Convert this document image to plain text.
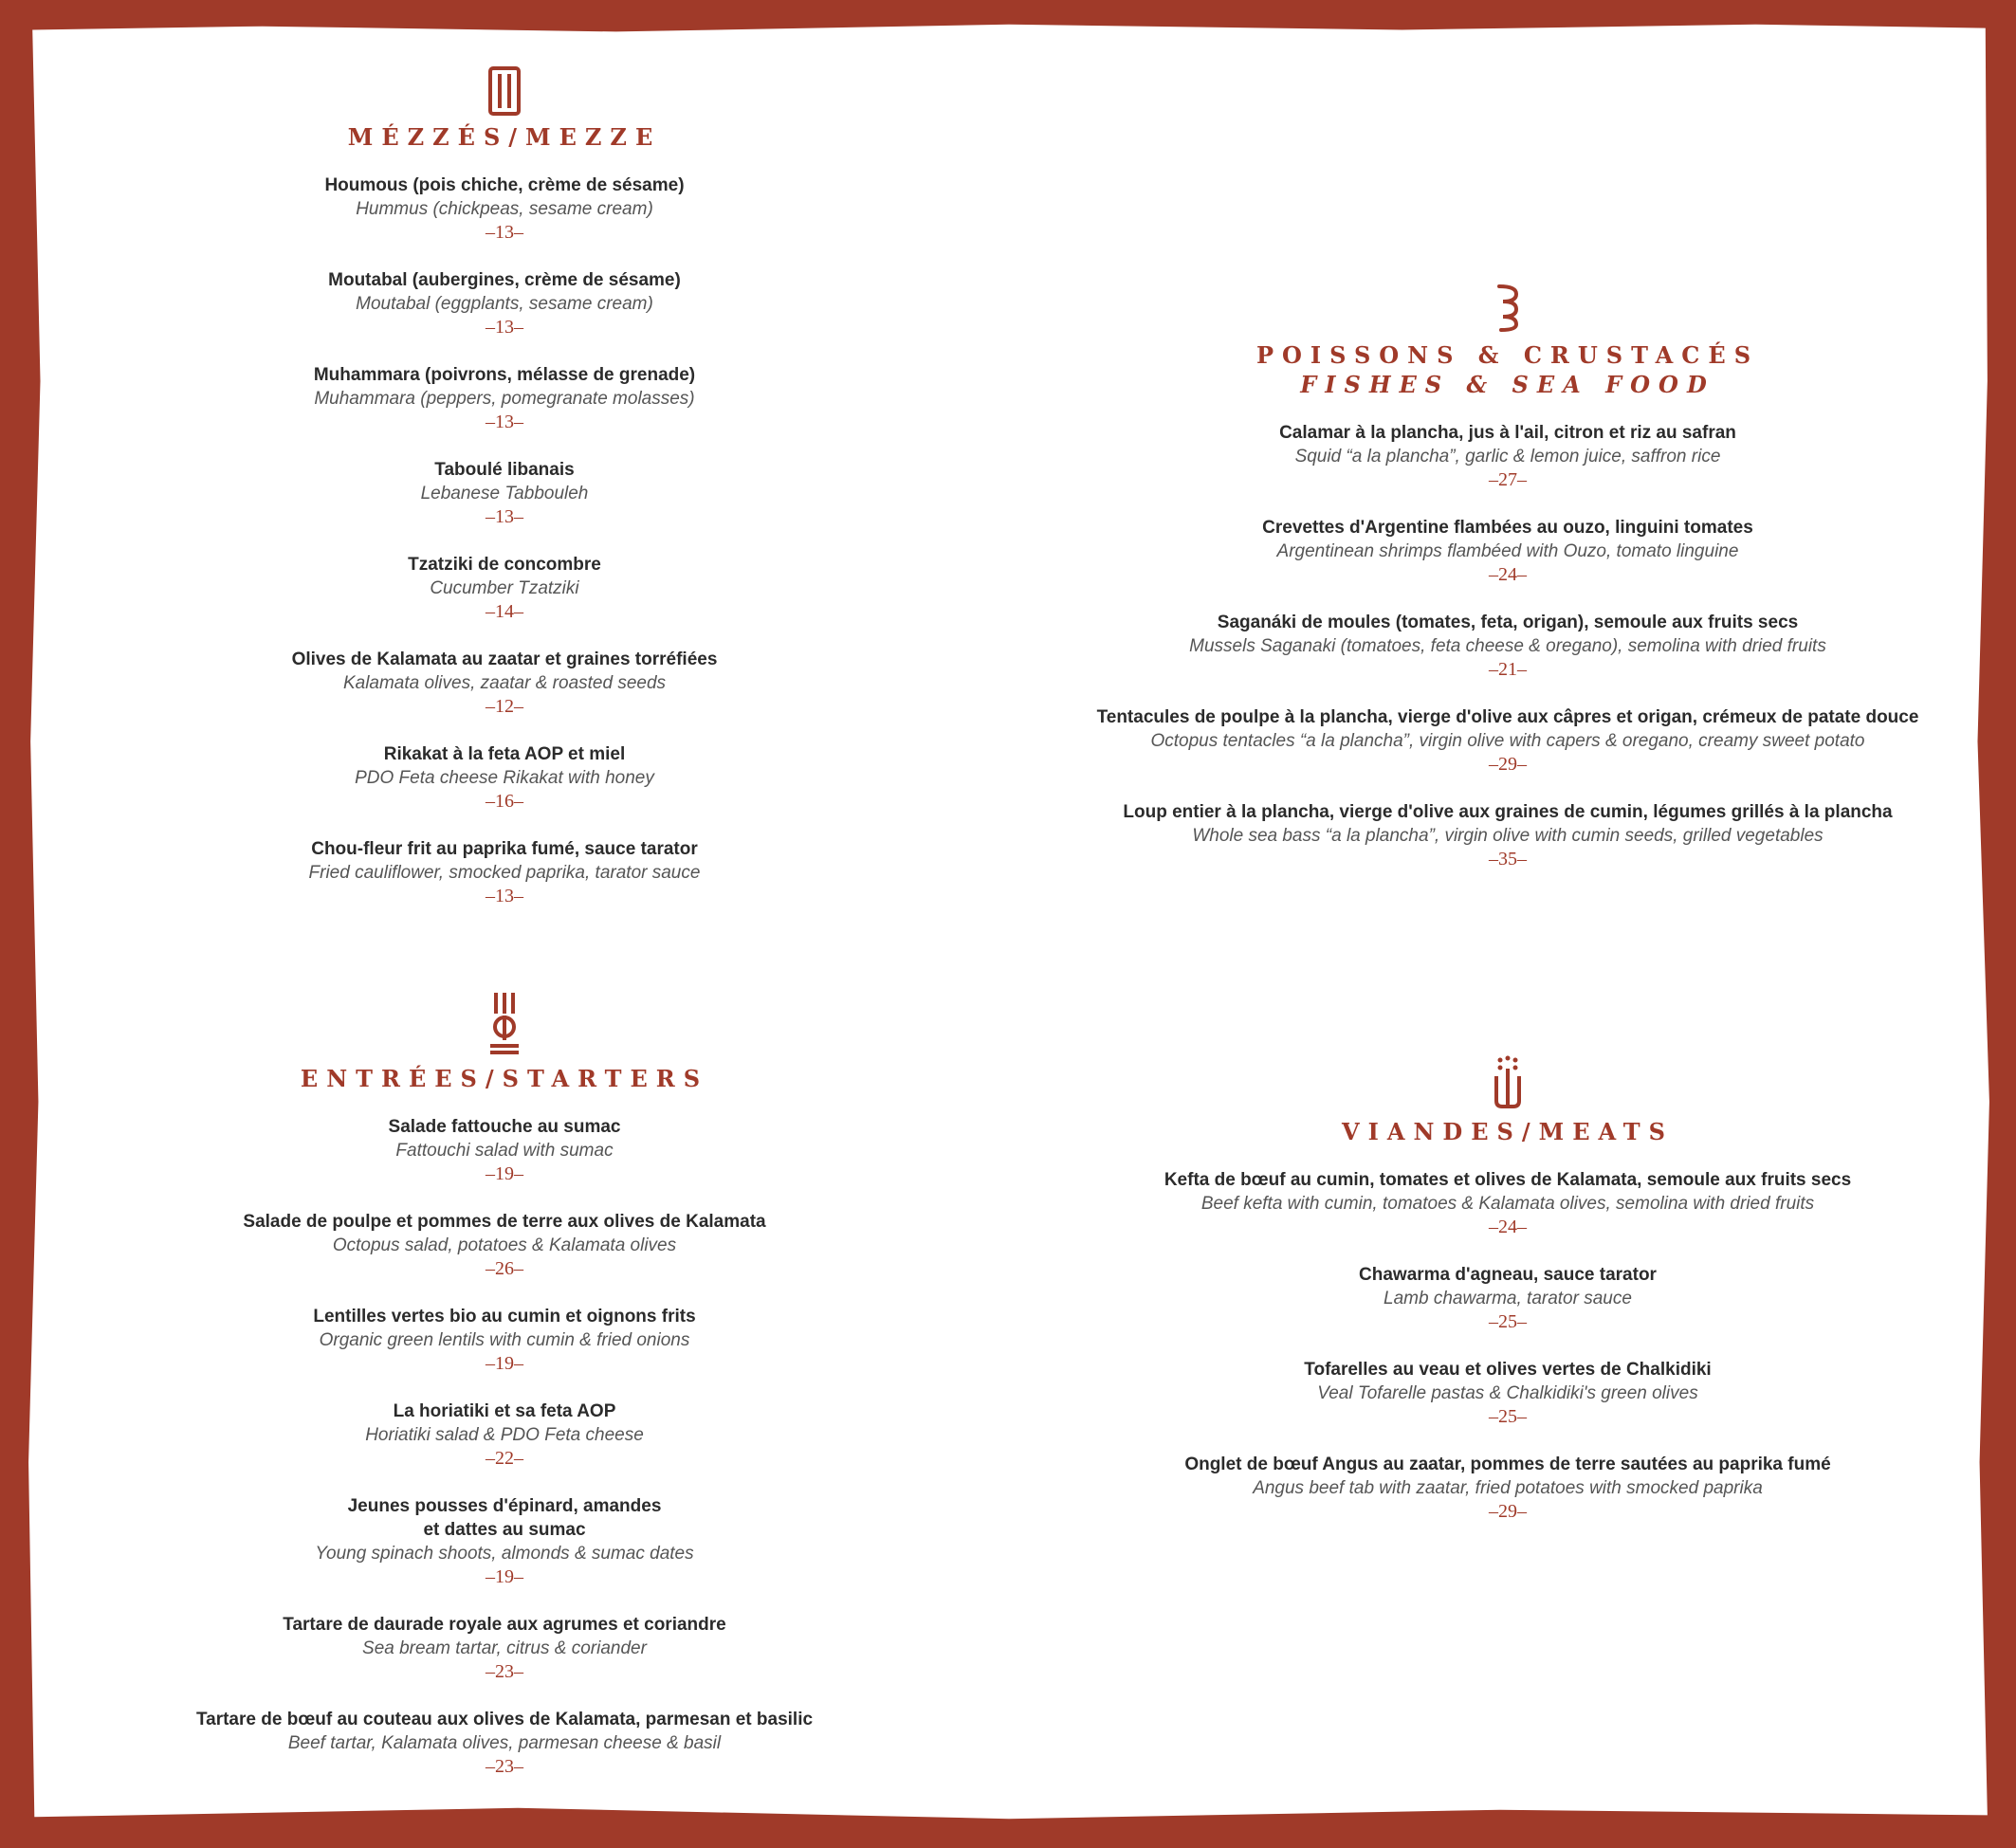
MÉZZÉS/MEZZE
Houmous (pois chiche, crème de sésame)
Hummus (chickpeas, sesame cream)
–13–
Moutabal (aubergines, crème de sésame)
Moutabal (eggplants, sesame cream)
–13–
Muhammara (poivrons, mélasse de grenade)
Muhammara (peppers, pomegranate molasses)
–13–
Taboulé libanais
Lebanese Tabbouleh
–13–
Tzatziki de concombre
Cucumber Tzatziki
–14–
Olives de Kalamata au zaatar et graines torréfiées
Kalamata olives, zaatar & roasted seeds
–12–
Rikakat à la feta AOP et miel
PDO Feta cheese Rikakat with honey
–16–
Chou-fleur frit au paprika fumé, sauce tarator
Fried cauliflower, smocked paprika, tarator sauce
–13–
ENTRÉES/STARTERS
Salade fattouche au sumac
Fattouchi salad with sumac
–19–
Salade de poulpe et pommes de terre aux olives de Kalamata
Octopus salad, potatoes & Kalamata olives
–26–
Lentilles vertes bio au cumin et oignons frits
Organic green lentils with cumin & fried onions
–19–
La horiatiki et sa feta AOP
Horiatiki salad & PDO Feta cheese
–22–
Jeunes pousses d'épinard, amandes
et dattes au sumac
Young spinach shoots, almonds & sumac dates
–19–
Tartare de daurade royale aux agrumes et coriandre
Sea bream tartar, citrus & coriander
–23–
Tartare de bœuf au couteau aux olives de Kalamata, parmesan et basilic
Beef tartar, Kalamata olives, parmesan cheese & basil
–23–
POISSONS & CRUSTACÉS
FISHES & SEA FOOD
Calamar à la plancha, jus à l'ail, citron et riz au safran
Squid “a la plancha”, garlic & lemon juice, saffron rice
–27–
Crevettes d'Argentine flambées au ouzo, linguini tomates
Argentinean shrimps flambéed with Ouzo, tomato linguine
–24–
Saganáki de moules (tomates, feta, origan), semoule aux fruits secs
Mussels Saganaki (tomatoes, feta cheese & oregano), semolina with dried fruits
–21–
Tentacules de poulpe à la plancha, vierge d'olive aux câpres et origan, crémeux de patate douce
Octopus tentacles “a la plancha”, virgin olive with capers & oregano, creamy sweet potato
–29–
Loup entier à la plancha, vierge d'olive aux graines de cumin, légumes grillés à la plancha
Whole sea bass “a la plancha”, virgin olive with cumin seeds, grilled vegetables
–35–
VIANDES/MEATS
Kefta de bœuf au cumin, tomates et olives de Kalamata, semoule aux fruits secs
Beef kefta with cumin, tomatoes & Kalamata olives, semolina with dried fruits
–24–
Chawarma d'agneau, sauce tarator
Lamb chawarma, tarator sauce
–25–
Tofarelles au veau et olives vertes de Chalkidiki
Veal Tofarelle pastas & Chalkidiki's green olives
–25–
Onglet de bœuf Angus au zaatar, pommes de terre sautées au paprika fumé
Angus beef tab with zaatar, fried potatoes with smocked paprika
–29–
